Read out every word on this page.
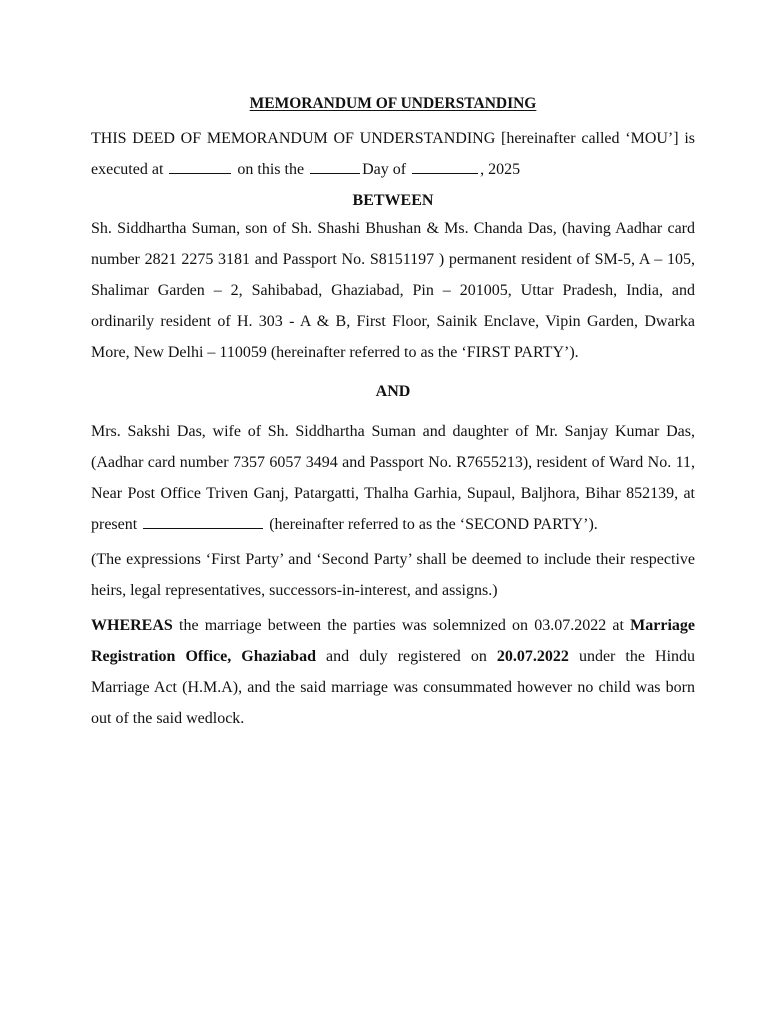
MEMORANDUM OF UNDERSTANDING

THIS DEED OF MEMORANDUM OF UNDERSTANDING [hereinafter called ‘MOU’] is executed at	on this the	Day of	, 2025

BETWEEN

Sh. Siddhartha Suman, son of Sh. Shashi Bhushan & Ms. Chanda Das, (having Aadhar card number 2821 2275 3181 and Passport No. S8151197 ) permanent resident of SM-5, A – 105, Shalimar Garden – 2, Sahibabad, Ghaziabad, Pin – 201005, Uttar Pradesh, India, and ordinarily resident of H. 303 - A & B, First Floor, Sainik Enclave, Vipin Garden, Dwarka More, New Delhi – 110059 (hereinafter referred to as the ‘FIRST PARTY’).

AND

Mrs. Sakshi Das, wife of Sh. Siddhartha Suman and daughter of Mr. Sanjay Kumar Das, (Aadhar card number 7357 6057 3494 and Passport No. R7655213), resident of Ward No. 11, Near Post Office Triven Ganj, Patargatti, Thalha Garhia, Supaul, Baljhora, Bihar 852139, at present	(hereinafter referred to as the ‘SECOND PARTY’).

(The expressions ‘First Party’ and ‘Second Party’ shall be deemed to include their respective heirs, legal representatives, successors-in-interest, and assigns.)

WHEREAS the marriage between the parties was solemnized on 03.07.2022 at Marriage Registration Office, Ghaziabad and duly registered on 20.07.2022 under the Hindu Marriage Act (H.M.A), and the said marriage was consummated however no child was born out of the said wedlock.
